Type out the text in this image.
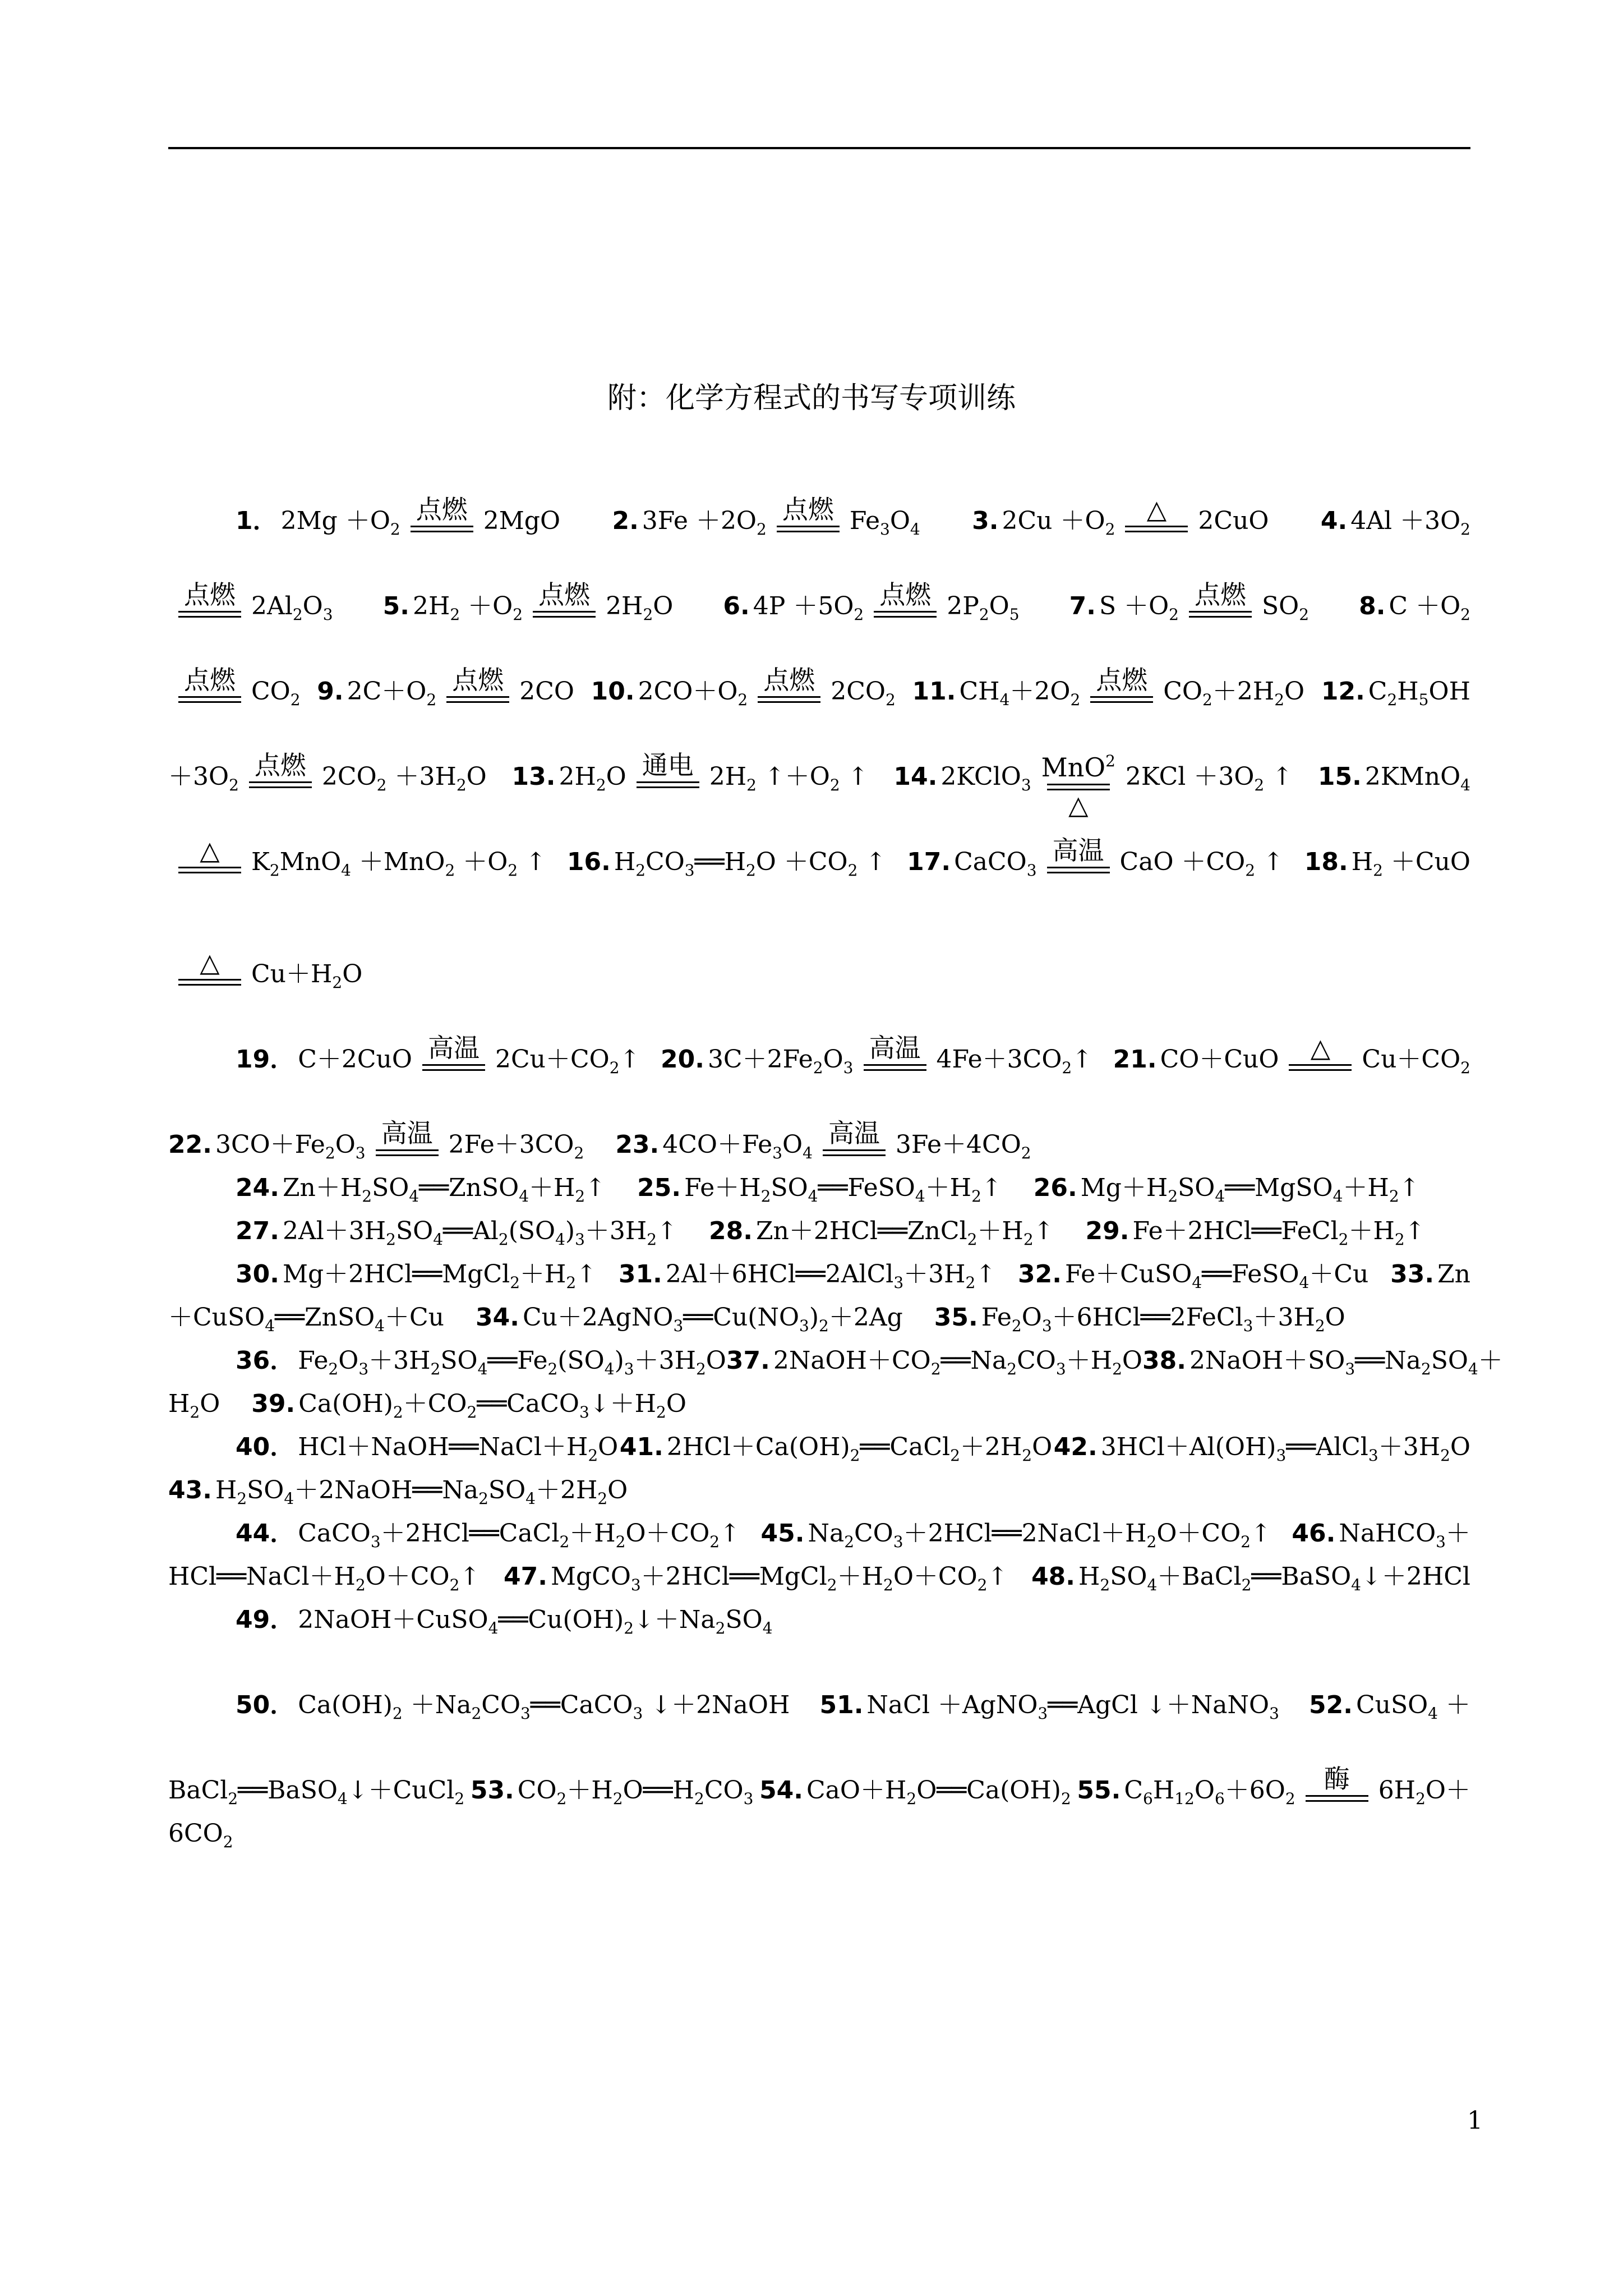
附：化学方程式的书写专项训练
1． $2Mg +O_2$
点燃 2MgO 2. $3Fe +2O_2$
点燃 $Fe_3O_4$ 3. $2Cu +O_2$
△ 2CuO 4. $4Al +3O_2$
点燃 $2Al_2O_3$ 5. $2H_2 +O_2$
点燃 $2H_2O$ 6. $4P +5O_2$
点燃 $2P_2O_5$ 7. $S +O_2$
点燃 $SO_2$ 8. $C +O_2$
点燃 $CO_2$ 9. $2C+O_2$
点燃 2CO 10. $2CO+O_2$
点燃 $2CO_2$ 11. $CH_4+2O_2$
点燃 $CO_2+2H_2O$ 12. $C_2H_5OH$
$+3O_2$
点燃 $2CO_2 +3H_2O$ 13. $2H_2O$ 通电 $2H_2$ $↑+O_2$ ↑ 14. 2KClO$_3$
MnO$^2$
△
$2KCl +3O_2$ ↑ 15. 2KMnO$_4$
△ $K_2MnO_4 +MnO_2 +O_2$ ↑ 16. $H_2CO_3══H_2O +CO_2$ ↑ 17. CaCO$_3$
高温 CaO $+CO_2$ ↑ 18. $H_2 +CuO$
△ $Cu+H_2O$
19． C＋2CuO 高温 $2Cu+CO_2↑$ 20. $3C+2Fe_2O_3$
高温 $4Fe+3CO_2↑$ 21. CO＋CuO △ $Cu+CO_2$
22. $3CO+Fe_2O_3$
高温 $2Fe+3CO_2$ 23. $4CO+Fe_3O_4$
高温 $3Fe+4CO_2$
24. $Zn+H_2SO_4══ZnSO_4+H_2↑$ 25. $Fe+H_2SO_4══FeSO_4+H_2↑$ 26. $Mg+H_2SO_4══MgSO_4+H_2↑$
27. $2Al+3H_2SO_4══Al_2(SO_4)_3+3H_2↑$ 28. $Zn+2HCl══ZnCl_2+H_2↑$ 29. $Fe+2HCl══FeCl_2+H_2↑$
30. $Mg+2HCl══MgCl_2+H_2↑$ 31. $2Al+6HCl══2AlCl_3+3H_2↑$ 32. Fe＋CuSO$_4$══FeSO$_4$＋Cu 33. Zn
＋CuSO$_4$══ZnSO$_4$＋Cu 34. $Cu+2AgNO_3══Cu(NO_3)_2+2Ag$ 35. $Fe_2O_3+6HCl══2FeCl_3+3H_2O$
36． $Fe_2O_3+3H_2SO_4══Fe_2(SO_4)_3+3H_2O$ 37. $2NaOH+CO_2══Na_2CO_3+H_2O$ 38. $2NaOH+SO_3══Na_2SO_4+$
$H_2O$ 39. $Ca(OH)_2+CO_2══CaCO_3↓+H_2O$
40． $HCl+NaOH══NaCl+H_2O$ 41. $2HCl+Ca(OH)_2══CaCl_2+2H_2O$ 42. $3HCl+Al(OH)_3══AlCl_3+3H_2O$
43. $H_2SO_4+2NaOH══Na_2SO_4+2H_2O$
44． $CaCO_3+2HCl══CaCl_2+H_2O+CO_2↑$ 45. $Na_2CO_3+2HCl══2NaCl+H_2O+CO_2↑$ 46. NaHCO$_3$＋
$HCl══NaCl+H_2O+CO_2↑$ 47. $MgCO_3+2HCl══MgCl_2+H_2O+CO_2↑$ 48. $H_2SO_4+BaCl_2══BaSO_4↓+2HCl$
49． $2NaOH+CuSO_4══Cu(OH)_2↓+Na_2SO_4$
50． $Ca(OH)_2$ $+Na_2CO_3══CaCO_3$ ↓＋2NaOH 51. NaCl ＋AgNO$_3$══AgCl ↓＋NaNO$_3$ 52. CuSO$_4$ ＋
BaCl$_2$══BaSO$_4$↓＋CuCl$_2$ 53. $CO_2+H_2O══H_2CO_3$ 54. $CaO+H_2O══Ca(OH)_2$ 55. $C_6H_{12}O_6+6O_2$
酶 $6H_2O+$
$6CO_2$
1
